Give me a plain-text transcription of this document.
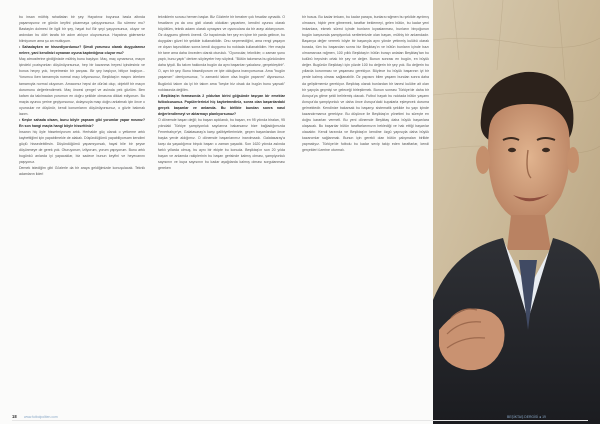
bu insan müthiş rahatlatan bir şey. Hayatınız boyunca basla altında yaşamışsınız ve günün keyfini çıkarmaya çalışıyorsunuz. Bu sürmez mu? Bastaşlın dolmesi ile ilgili bir şey, hayat bu! Bir şeyi yaşıyorsunuz, oluyor ve ardından bu dört tarafa bir adım atılıyor oluyorsunuz. Hayatına giderseniz bilmiyorum ama şu an mutluyum.

• Sahadayken ne hissediyordunuz? Şimdi yorumcu olarak duygularınız nelere, yani kendinizi oynanan oyuna kaptırdığınız oluyor mu?

Maç atmosferine girdiğinizde müthiş bunu başlıyor. Maç, maç oynarsınız, maçın içindeki pozisyonları düşünüyorsunuz, hep bir kazanma heyesi içindesiniz ve bonus heçey yok, heyetmesin bir parçası. Bir şey başlıyor, bitiyor başlıyor... Yorumcu iken tamamıyla normal maçı izliyorsunuz, Beşiktaş'ın maçını izlerken tamamıyla normal oluyorum. Amacımız hepsi de dürüst olup, objektif bir maçın durumunu değerlendirmek. Maç öncesi çengel ve aslında pek gözlüm. Ben kafam da takılmadan yorumun en doğru şekilde olmasına dikkat ediyorum. Bu maçta oyuncu yerine geçiyorsunuz, dolayısıyla maçı doğru anlatmak için önce o oyuncular ne düşünür, kendi konumlarını düşünüyorsunuz, o gözle bakmak lazım.

• Keşke sahada olsam, bunu böyle yapsam gibi yorumlar yapar mısınız? En son hangi maçta hangi böyle hissettiniz?

İnsanın hiç öyle hissetmiyorum artık. Herhalde güç olarak o yetkeme artık kaybettiğimi için yapabilmekle de alakalı. Düşündüğümü yapabiliyorsam kendimi güçlü hissedebilirsin. Düşündüğümü yapamıyorsak, hayal bile bir şeyse düşünmeye de gerek yok. Oturuyorum, izliyorum, yorum yapıyorum. Bunu artık bugünkü anlarda iyi yapacaklar, biz sadece bunun keyfini ve heyecanını yaşıyoruz.

Demek istediğim gibi Gözlerle da bir araya geldiğimizde konuşulacak. Teknik adamların liderl

tekniklerin sorusu hemen başlar. Biz Gözlerle bir beraber çok fırsatlar oynadık. O fırsatların ya da onu gizli olarak oldukları yaparken, kendini oyuncu olarak büyüttüm, teknik adamı olarak oynayanı ve oyunculara da bir arayı aktarıyorum. Öz duygumu gitmek önemli. Öz hayatımda her şey en içine bir yanla gelince, bu duyguları güzel bir şekilde kullanabildin. Onu seçemediğini, ama rengi yaşayın ve dışarı taşındıktan sonra kendi duygumu bu noktada kullanabildim. Her maçta bir tane ama daha önceden olarak oturuluk. "Oyuncular, teknikler, o zaman şunu yaptı, bunu yaptı" derken söyleyeler hep söyledi. "Bütün takımıma bu günkünden daha iyiydi. Bu takım hakkında bugün da aynı başarıları yakalarız, gerçekleştirir". O, ayrı bir şey. Bunu hissediyorum ve içte olduğuna inanıyorsunuz. Ama "bugün yaşamım" demiyorsunuz, "o zamanki takım olsa bugün yaparım" diyorsunuz. Bugünkü takım da iyi bir takım ama "keşke biz olsak da bugün bunu yapsak" noktasında değilim.

• Beşiktaş'ın formasında 2 yıldızları birini göğsünde taşıyan bir emektar futbolcusunuz. Popülerlerinizi hiç kaybetmediniz, sonra olan başarılardaki gerçek başarılar ve anlamda. Bu birlikte bundan sonra nasıl değerlendirmeyi ve aktarmayı planlıyorsunuz?

O dönemde başarı değil; bu başarı açıklandı, bu başarı, en 95 yılında biraları, 95 yılındaki Türkiye şampiyonluk sayılarına bakarsanız bize bağladığımızda Fenerbahçe'ye, Galatasaray'a karşı galibiyetlerimizle, geçen başarılardan önce başka yerde aldığımız. O dönemde başarılarımız inanılmazdı. Galatasaray'a karşı da yaşadığımız birçok başarı o zaman yaşadık. Son 1620 yılında aslında farklı yıllarda olmuş, bu aynı bir ekipte bu konuda. Beşiktaş'ın son 20 yılda başarı ve anlamda rakiplerinin bu başarı gerisinde kalmış olması, şampiyonluk sayısının ve kupa sayısının bu kadar aşağılarda kalmış olması sorgulanması gereken

bir husus. Bu kadar imkanı, bu kadar paraya, bunlara rağmen bu şekilde ayrılmış olmasını, hiçbir yere gitmemek, taraftar beklemeyi, gelen bütün, bu kadar yeni imkanlara, ekmek süreci içinde bunların kıyaslanması, bunların birçoğunun bugün karşısında şampiyonluk serilerimizde olan başarı, müthiş bir anlamdadır. Başarıya değer vererek böyle bir başarıyla aynı yönde yetinmiş kulübü olarak burada, tüm bu başarıdan sonra biz Beşiktaş'ın ve bütün bunların içinde bazı olmamanıza rağmen, 100 yıllık Beşiktaş'ın bütün burayı anlatan Beşiktaş'tan bu kulübü hepsinin ortak bir şey ve değer. Bunun sonrası en bugün, en büyük değer. Bugünün Beşiktaş'ı için yüzde 100 bu değerin bir şey yok. Bu değerin bu yıllarda korunması ve yaşaması gerekiyor. Böylece bu büyük başarının iyi bir yerde kalmış olması sağlanabilir. Öz yapısını bilen yaşamı bundan sonra daha da geliştirmemiz gerekiyor. Beşiktaş olarak bunlardan bir tanesi kulübe ait olan bir yapıyla geçmişi ve geleceği birleştirmek. Bunun sonrası Türkiye'de daha bir Avrupa'ya gitme şekli belirlemiş olacak. Futbol hayatı bu noktada bütün yaşamı Avrupa'da şampiyonluk ve daha önce Avrupa'daki kupalarla eşleşecek duruma gelmektedir. Kendinize bakarsak bu başarıyı sistematik şekilde bu yapı içinde kazandırmamız gerekiyor. Bu düşünce ile Beşiktaş'ın yönetimi bu süreçte en doğru kararları vermeli. Bu yeni dönemde Beşiktaş daha büyük başarılara ulaşacak. Bu başarılar bütün taraftarlarımızın beklediği ve hak ettiği başarılar olacaktır. Kendi tarzında ve Beşiktaş'ın kendine özgü yapısıyla daha büyük kazanımlar sağlanmalı. Bunun için gerekli olan bütün çalışmaları birlikte yapmalıyız. Türkiye'de futbolu bu kadar sevip takip eden taraftarlar, kendi gerçekleri üzerine oturmalı.

18 www.futbolpoliten.com	BEŞİKTAŞ DERGİSİ ● 19
